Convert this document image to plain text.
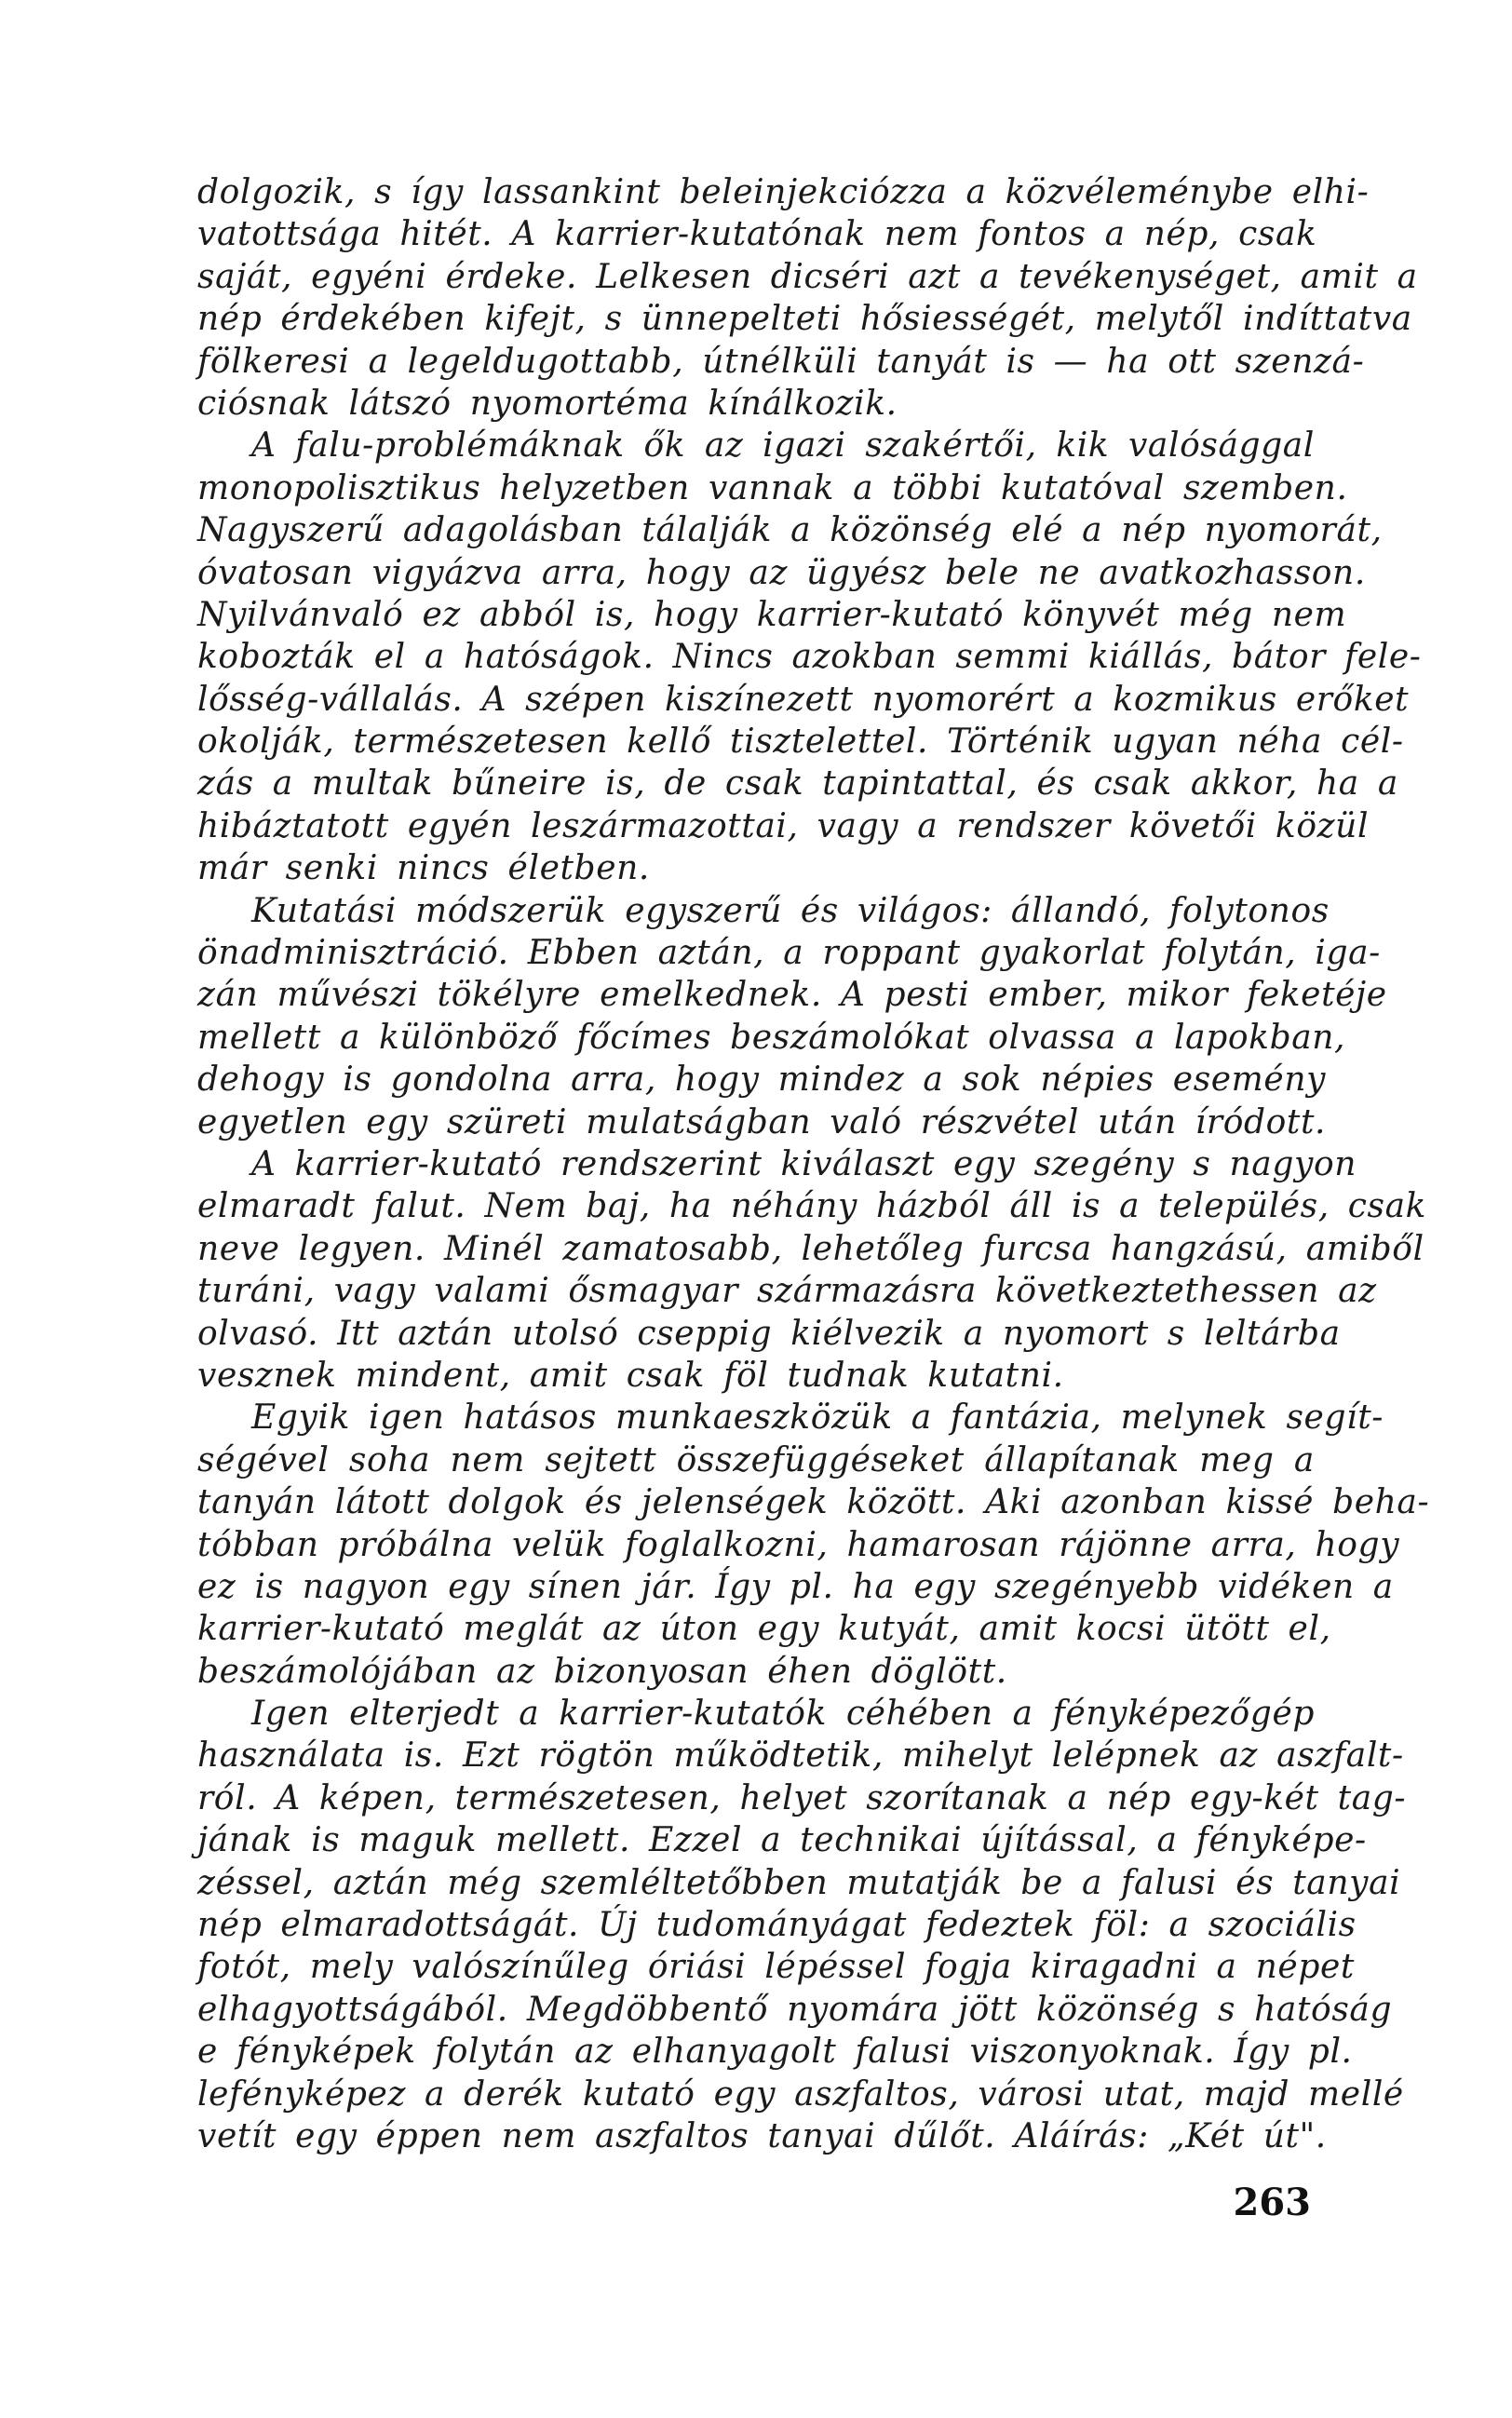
dolgozik, s így lassankint beleinjekciózza a közvéleménybe elhi-
vatottsága hitét. A karrier-kutatónak nem fontos a nép, csak
saját, egyéni érdeke. Lelkesen dicséri azt a tevékenységet, amit a
nép érdekében kifejt, s ünnepelteti hősiességét, melytől indíttatva
fölkeresi a legeldugottabb, útnélküli tanyát is — ha ott szenzá-
ciósnak látszó nyomortéma kínálkozik.
A falu-problémáknak ők az igazi szakértői, kik valósággal
monopolisztikus helyzetben vannak a többi kutatóval szemben.
Nagyszerű adagolásban tálalják a közönség elé a nép nyomorát,
óvatosan vigyázva arra, hogy az ügyész bele ne avatkozhasson.
Nyilvánvaló ez abból is, hogy karrier-kutató könyvét még nem
kobozták el a hatóságok. Nincs azokban semmi kiállás, bátor fele-
lősség-vállalás. A szépen kiszínezett nyomorért a kozmikus erőket
okolják, természetesen kellő tisztelettel. Történik ugyan néha cél-
zás a multak bűneire is, de csak tapintattal, és csak akkor, ha a
hibáztatott egyén leszármazottai, vagy a rendszer követői közül
már senki nincs életben.
Kutatási módszerük egyszerű és világos: állandó, folytonos
önadminisztráció. Ebben aztán, a roppant gyakorlat folytán, iga-
zán művészi tökélyre emelkednek. A pesti ember, mikor feketéje
mellett a különböző főcímes beszámolókat olvassa a lapokban,
dehogy is gondolna arra, hogy mindez a sok népies esemény
egyetlen egy szüreti mulatságban való részvétel után íródott.
A karrier-kutató rendszerint kiválaszt egy szegény s nagyon
elmaradt falut. Nem baj, ha néhány házból áll is a település, csak
neve legyen. Minél zamatosabb, lehetőleg furcsa hangzású, amiből
turáni, vagy valami ősmagyar származásra következtethessen az
olvasó. Itt aztán utolsó cseppig kiélvezik a nyomort s leltárba
vesznek mindent, amit csak föl tudnak kutatni.
Egyik igen hatásos munkaeszközük a fantázia, melynek segít-
ségével soha nem sejtett összefüggéseket állapítanak meg a
tanyán látott dolgok és jelenségek között. Aki azonban kissé beha-
tóbban próbálna velük foglalkozni, hamarosan rájönne arra, hogy
ez is nagyon egy sínen jár. Így pl. ha egy szegényebb vidéken a
karrier-kutató meglát az úton egy kutyát, amit kocsi ütött el,
beszámolójában az bizonyosan éhen döglött.
Igen elterjedt a karrier-kutatók céhében a fényképezőgép
használata is. Ezt rögtön működtetik, mihelyt lelépnek az aszfalt-
ról. A képen, természetesen, helyet szorítanak a nép egy-két tag-
jának is maguk mellett. Ezzel a technikai újítással, a fényképe-
zéssel, aztán még szemléltetőbben mutatják be a falusi és tanyai
nép elmaradottságát. Új tudományágat fedeztek föl: a szociális
fotót, mely valószínűleg óriási lépéssel fogja kiragadni a népet
elhagyottságából. Megdöbbentő nyomára jött közönség s hatóság
e fényképek folytán az elhanyagolt falusi viszonyoknak. Így pl.
lefényképez a derék kutató egy aszfaltos, városi utat, majd mellé
vetít egy éppen nem aszfaltos tanyai dűlőt. Aláírás: „Két út".
263
